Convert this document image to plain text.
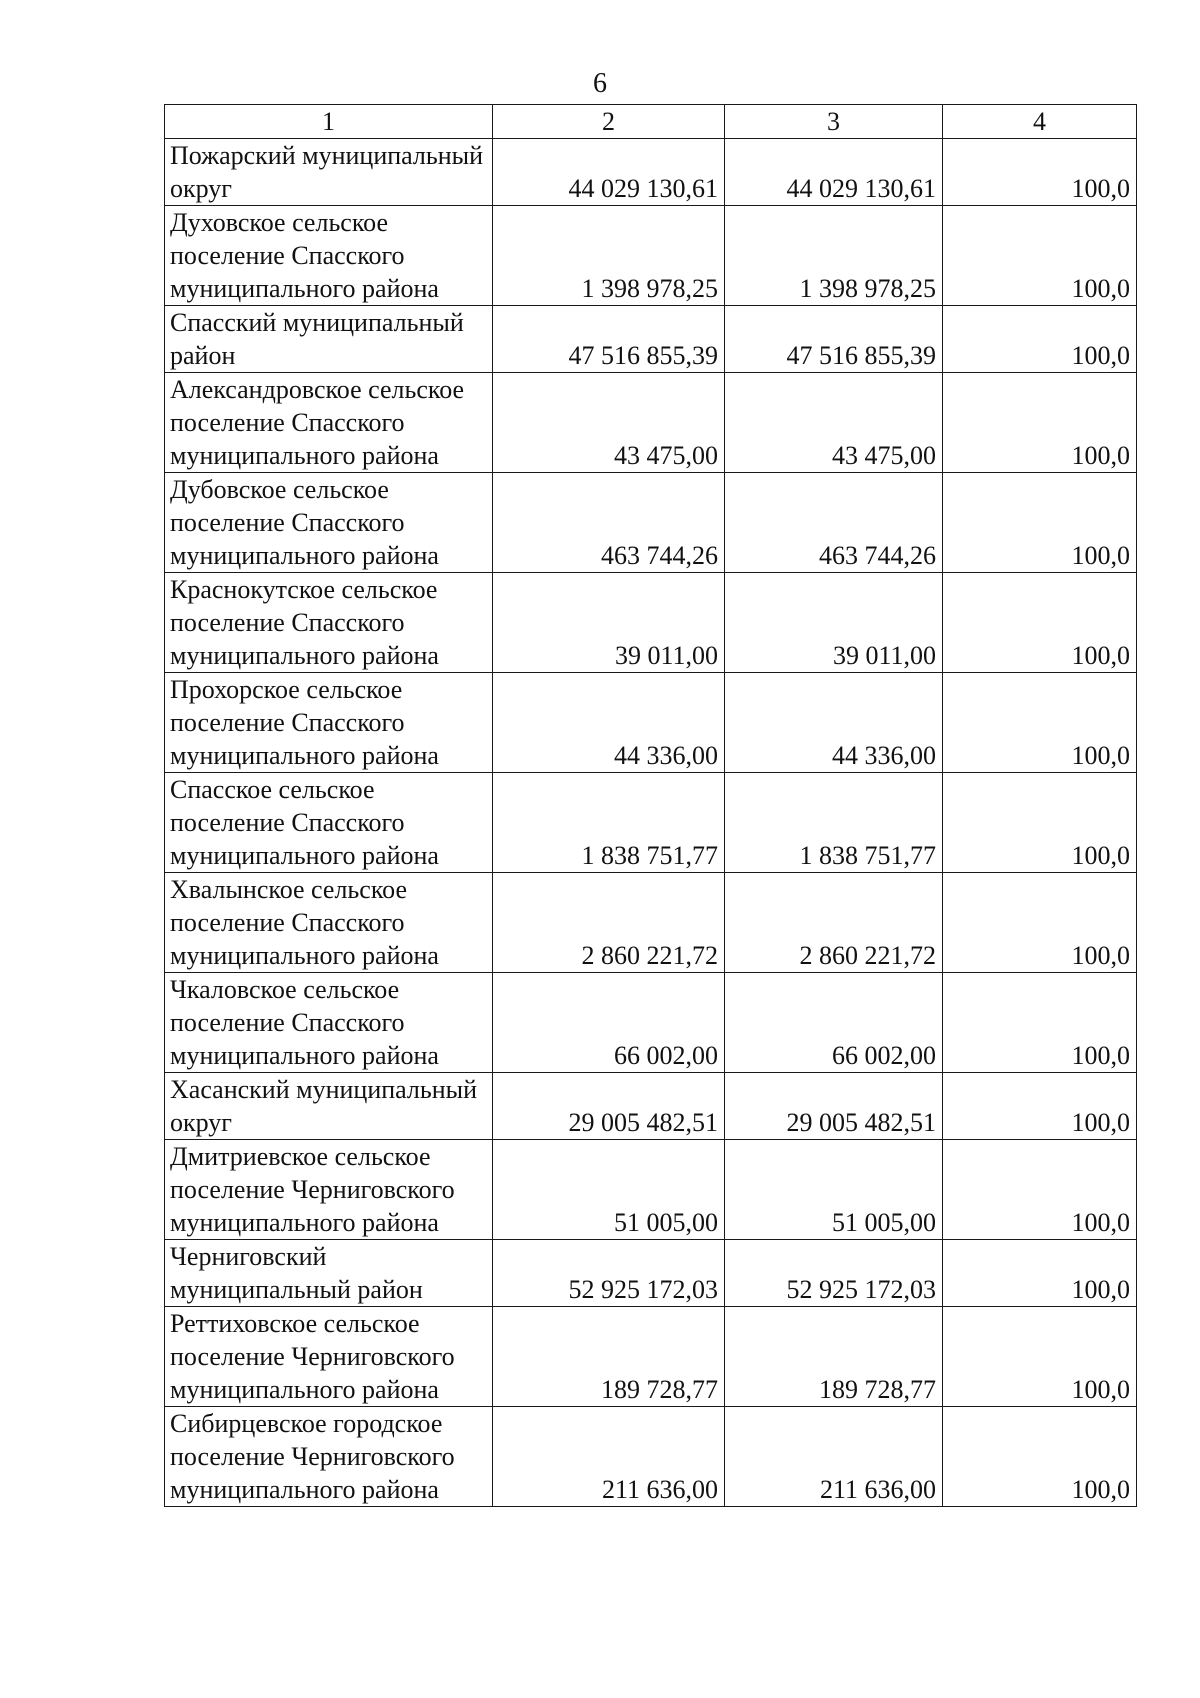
6
1	2	3	4
Пожарский муниципальный округ	44 029 130,61	44 029 130,61	100,0
Духовское сельское поселение Спасского муниципального района	1 398 978,25	1 398 978,25	100,0
Спасский муниципальный район	47 516 855,39	47 516 855,39	100,0
Александровское сельское поселение Спасского муниципального района	43 475,00	43 475,00	100,0
Дубовское сельское поселение Спасского муниципального района	463 744,26	463 744,26	100,0
Краснокутское сельское поселение Спасского муниципального района	39 011,00	39 011,00	100,0
Прохорское сельское поселение Спасского муниципального района	44 336,00	44 336,00	100,0
Спасское сельское поселение Спасского муниципального района	1 838 751,77	1 838 751,77	100,0
Хвалынское сельское поселение Спасского муниципального района	2 860 221,72	2 860 221,72	100,0
Чкаловское сельское поселение Спасского муниципального района	66 002,00	66 002,00	100,0
Хасанский муниципальный округ	29 005 482,51	29 005 482,51	100,0
Дмитриевское сельское поселение Черниговского муниципального района	51 005,00	51 005,00	100,0
Черниговский муниципальный район	52 925 172,03	52 925 172,03	100,0
Реттиховское сельское поселение Черниговского муниципального района	189 728,77	189 728,77	100,0
Сибирцевское городское поселение Черниговского муниципального района	211 636,00	211 636,00	100,0
